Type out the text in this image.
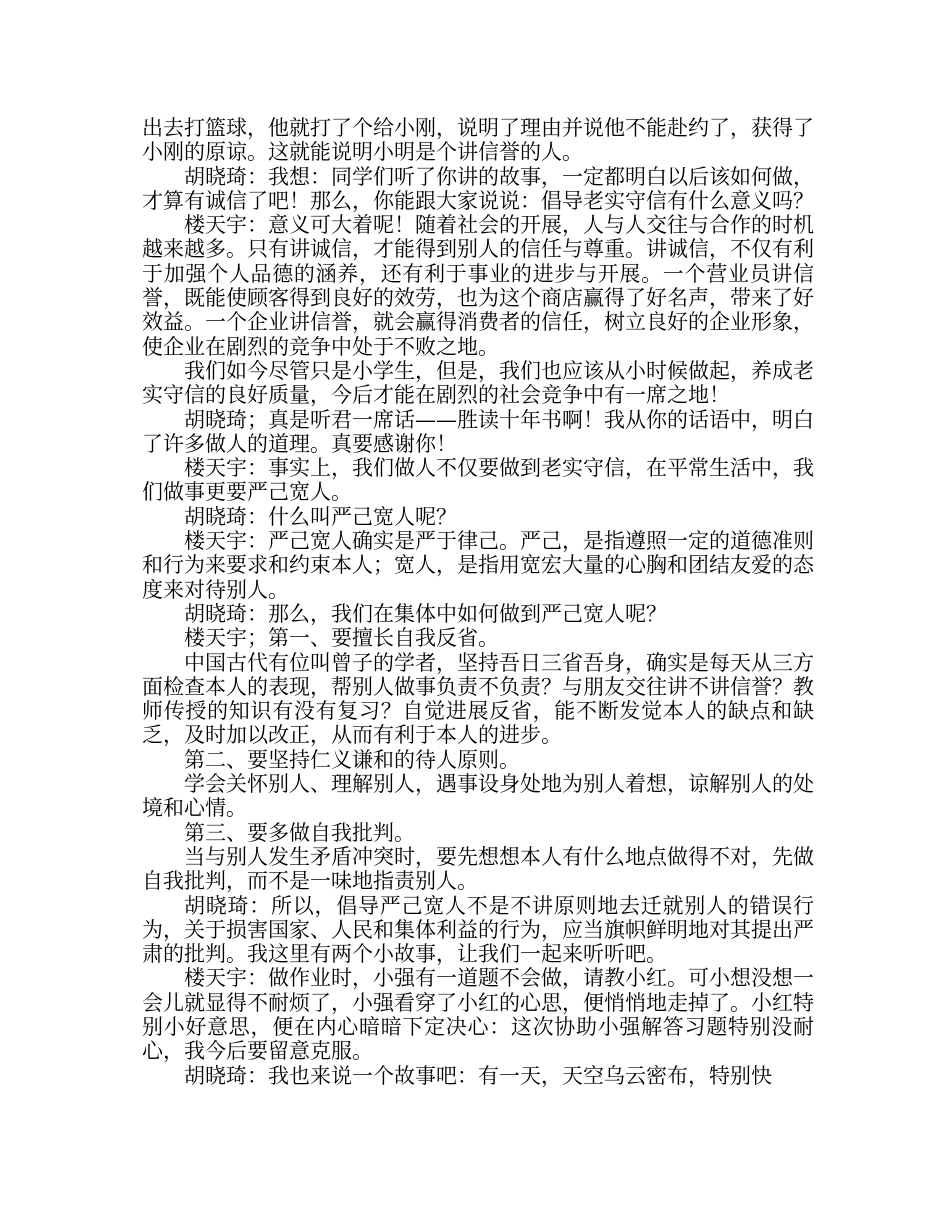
出去打篮球，他就打了个给小刚，说明了理由并说他不能赴约了，获得了小刚的原谅。这就能说明小明是个讲信誉的人。

胡晓琦：我想：同学们听了你讲的故事，一定都明白以后该如何做，才算有诚信了吧！那么，你能跟大家说说：倡导老实守信有什么意义吗？

楼天宇：意义可大着呢！随着社会的开展，人与人交往与合作的时机越来越多。只有讲诚信，才能得到别人的信任与尊重。讲诚信，不仅有利于加强个人品德的涵养，还有利于事业的进步与开展。一个营业员讲信誉，既能使顾客得到良好的效劳，也为这个商店赢得了好名声，带来了好效益。一个企业讲信誉，就会赢得消费者的信任，树立良好的企业形象，使企业在剧烈的竞争中处于不败之地。

我们如今尽管只是小学生，但是，我们也应该从小时候做起，养成老实守信的良好质量，今后才能在剧烈的社会竞争中有一席之地！

胡晓琦；真是听君一席话——胜读十年书啊！我从你的话语中，明白了许多做人的道理。真要感谢你！

楼天宇：事实上，我们做人不仅要做到老实守信，在平常生活中，我们做事更要严己宽人。

胡晓琦：什么叫严己宽人呢？

楼天宇：严己宽人确实是严于律己。严己，是指遵照一定的道德准则和行为来要求和约束本人；宽人，是指用宽宏大量的心胸和团结友爱的态度来对待别人。

胡晓琦：那么，我们在集体中如何做到严己宽人呢？

楼天宇；第一、要擅长自我反省。

中国古代有位叫曾子的学者，坚持吾日三省吾身，确实是每天从三方面检查本人的表现，帮别人做事负责不负责？与朋友交往讲不讲信誉？教师传授的知识有没有复习？自觉进展反省，能不断发觉本人的缺点和缺乏，及时加以改正，从而有利于本人的进步。

第二、要坚持仁义谦和的待人原则。

学会关怀别人、理解别人，遇事设身处地为别人着想，谅解别人的处境和心情。

第三、要多做自我批判。

当与别人发生矛盾冲突时，要先想想本人有什么地点做得不对，先做自我批判，而不是一味地指责别人。

胡晓琦：所以，倡导严己宽人不是不讲原则地去迁就别人的错误行为，关于损害国家、人民和集体利益的行为，应当旗帜鲜明地对其提出严肃的批判。我这里有两个小故事，让我们一起来听听吧。

楼天宇：做作业时，小强有一道题不会做，请教小红。可小想没想一会儿就显得不耐烦了，小强看穿了小红的心思，便悄悄地走掉了。小红特别小好意思，便在内心暗暗下定决心：这次协助小强解答习题特别没耐心，我今后要留意克服。

胡晓琦：我也来说一个故事吧：有一天，天空乌云密布，特别快
